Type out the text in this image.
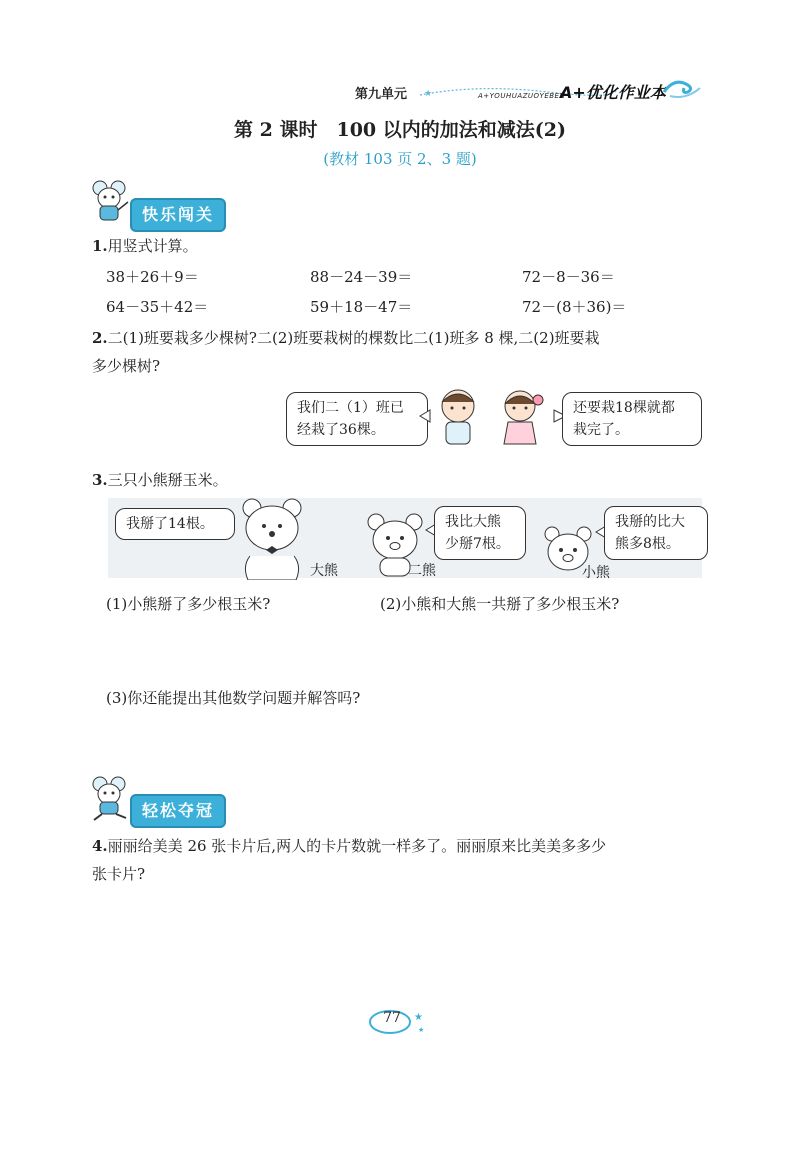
第九单元 ★	A+YOUHUAZUOYEBEN
A+优化作业本
第 2 课时　100 以内的加法和减法(2)
(教材 103 页 2、3 题)
快乐闯关
1.用竖式计算。
38＋26＋9＝	88－24－39＝	72－8－36＝
64－35＋42＝	59＋18－47＝	72－(8＋36)＝
2.二(1)班要栽多少棵树?二(2)班要栽树的棵数比二(1)班多 8 棵,二(2)班要栽
多少棵树?
我们二（1）班已
经栽了36棵。
还要栽18棵就都
栽完了。
3.三只小熊掰玉米。
我掰了14根。
大熊
我比大熊
少掰7根。
二熊
我掰的比大
熊多8根。
小熊
(1)小熊掰了多少根玉米?	(2)小熊和大熊一共掰了多少根玉米?
(3)你还能提出其他数学问题并解答吗?
轻松夺冠
4.丽丽给美美 26 张卡片后,两人的卡片数就一样多了。丽丽原来比美美多多少
张卡片?
★
★
77
